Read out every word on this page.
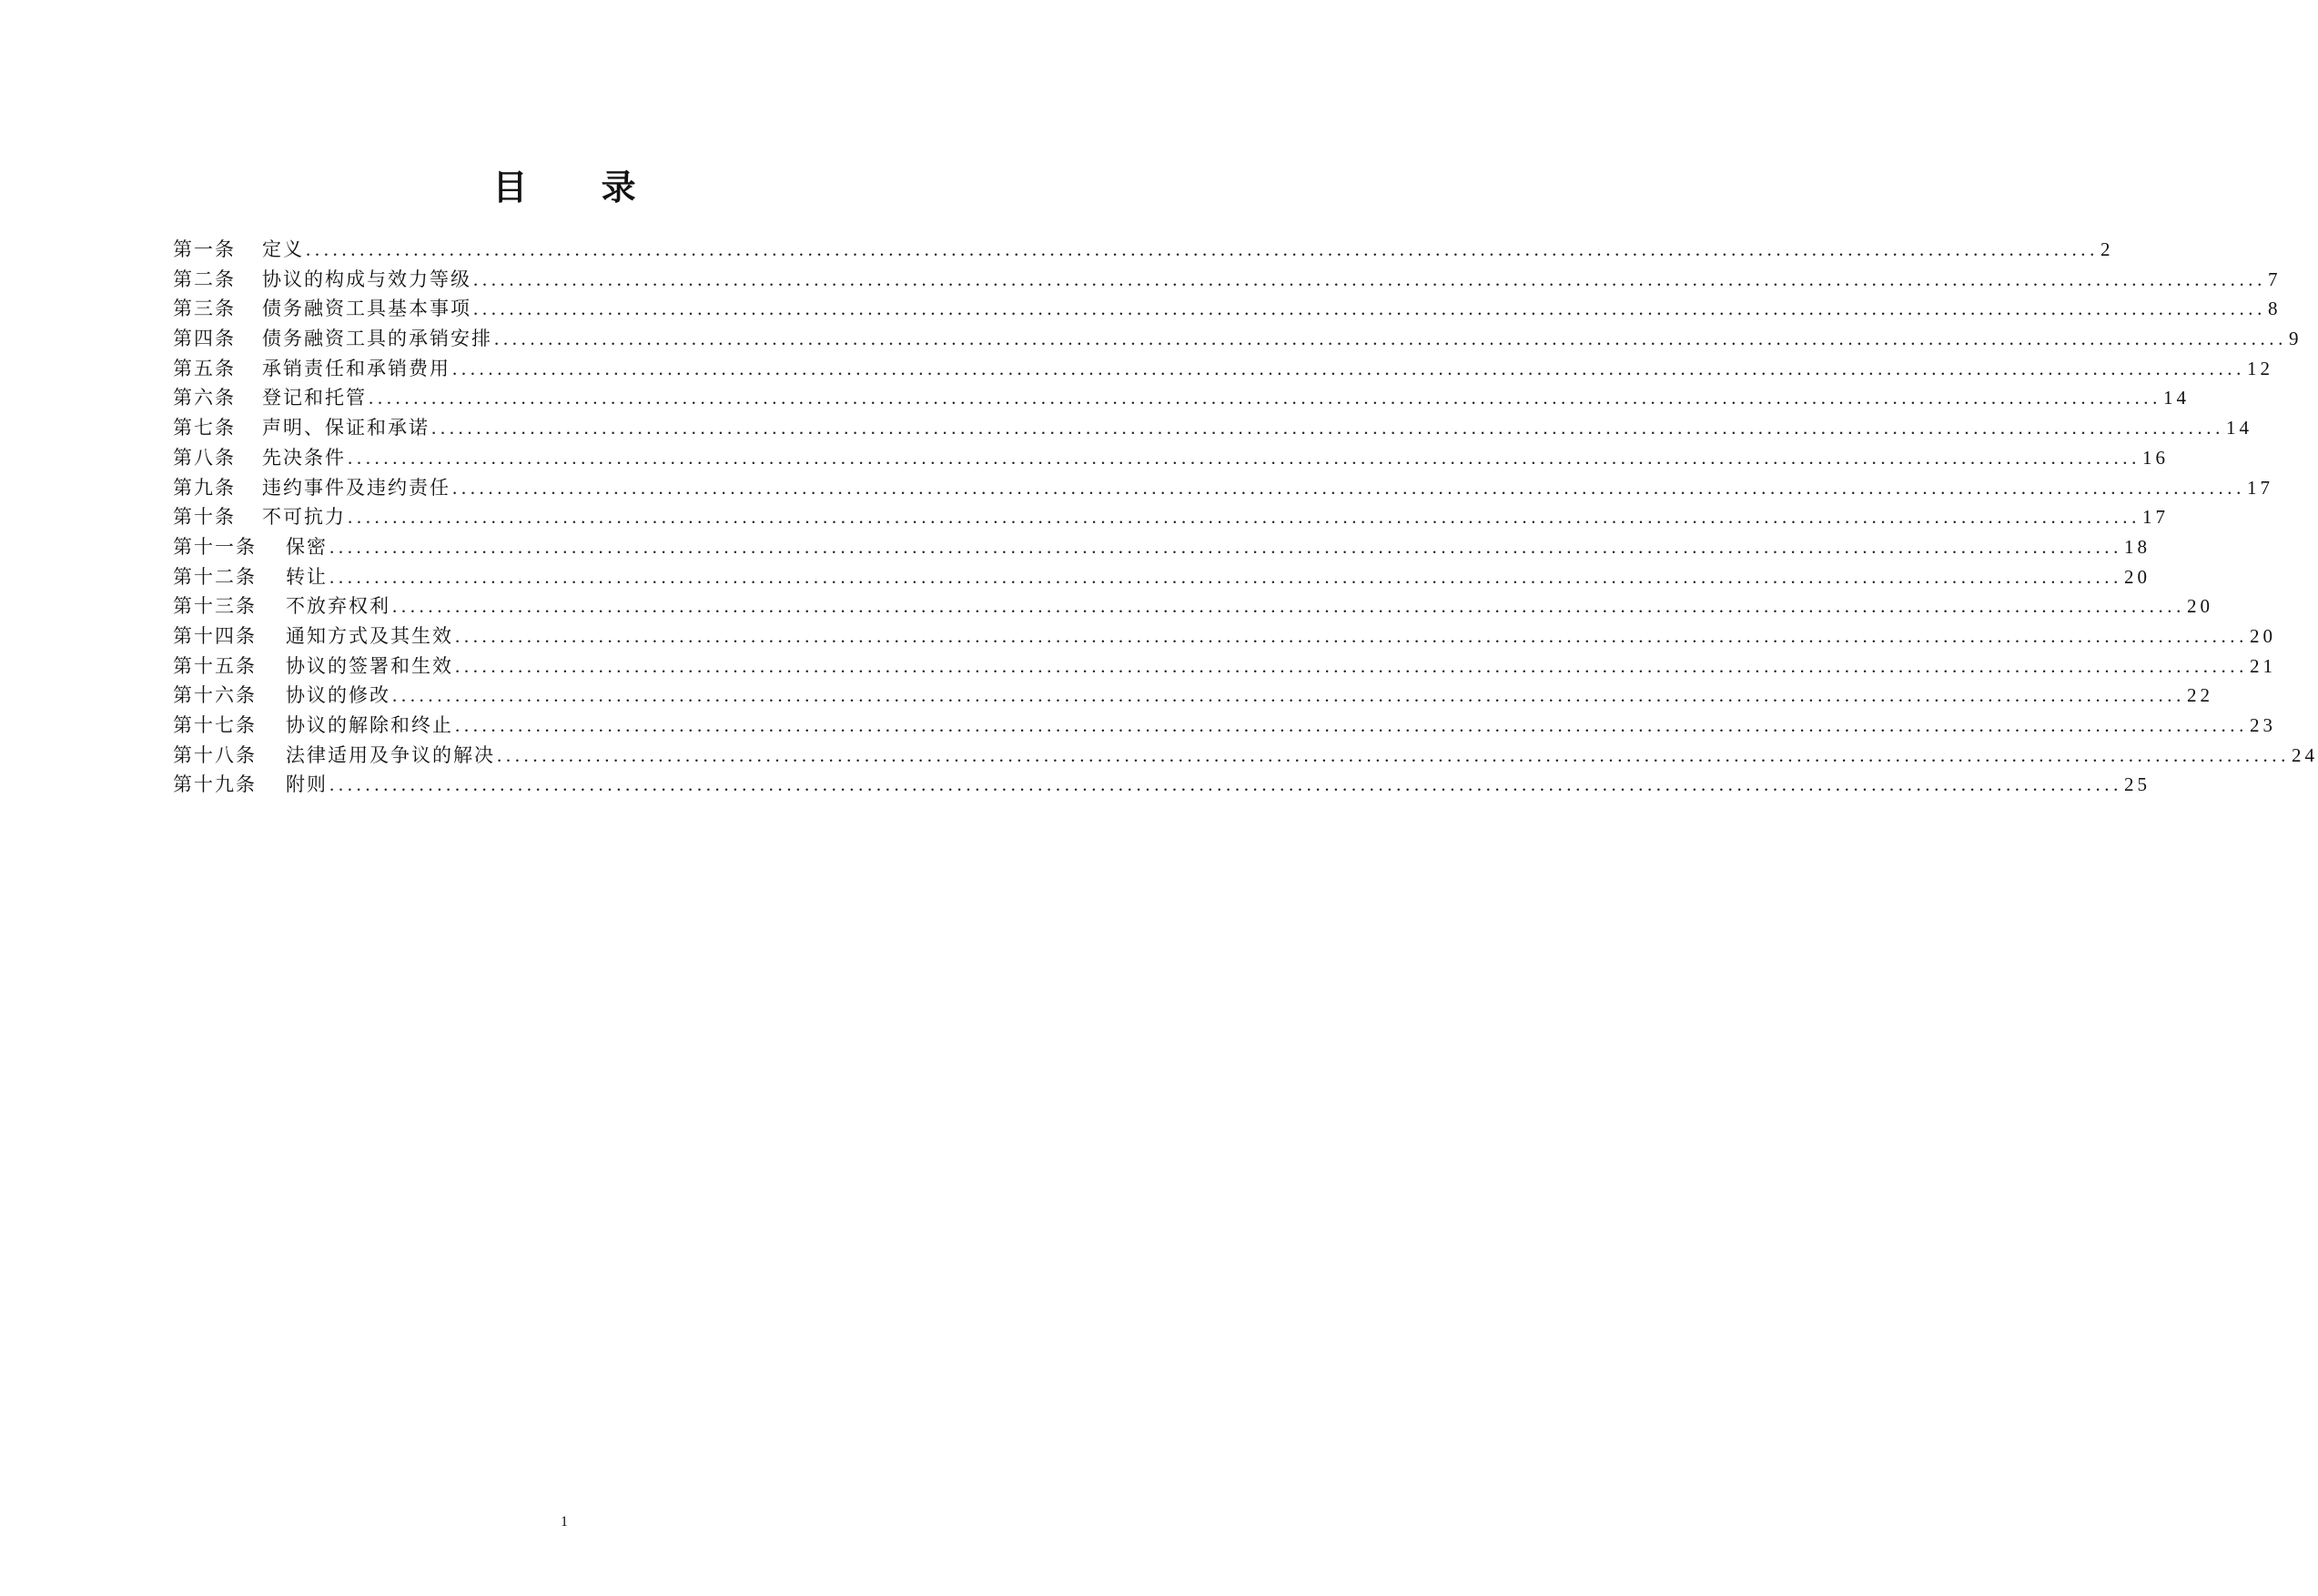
目 录
第一条	定义 ........................................................................................................................................................................................................ 2
第二条	协议的构成与效力等级 ........................................................................................................................................................................................................ 7
第三条	债务融资工具基本事项 ........................................................................................................................................................................................................ 8
第四条	债务融资工具的承销安排 ........................................................................................................................................................................................................ 9
第五条	承销责任和承销费用 ........................................................................................................................................................................................................ 12
第六条	登记和托管 ........................................................................................................................................................................................................ 14
第七条	声明、保证和承诺 ........................................................................................................................................................................................................ 14
第八条	先决条件 ........................................................................................................................................................................................................ 16
第九条	违约事件及违约责任 ........................................................................................................................................................................................................ 17
第十条	不可抗力 ........................................................................................................................................................................................................ 17
第十一条	保密 ........................................................................................................................................................................................................ 18
第十二条	转让 ........................................................................................................................................................................................................ 20
第十三条	不放弃权利 ........................................................................................................................................................................................................ 20
第十四条	通知方式及其生效 ........................................................................................................................................................................................................ 20
第十五条	协议的签署和生效 ........................................................................................................................................................................................................ 21
第十六条	协议的修改 ........................................................................................................................................................................................................ 22
第十七条	协议的解除和终止 ........................................................................................................................................................................................................ 23
第十八条	法律适用及争议的解决 ........................................................................................................................................................................................................ 24
第十九条	附则 ........................................................................................................................................................................................................ 25
1
